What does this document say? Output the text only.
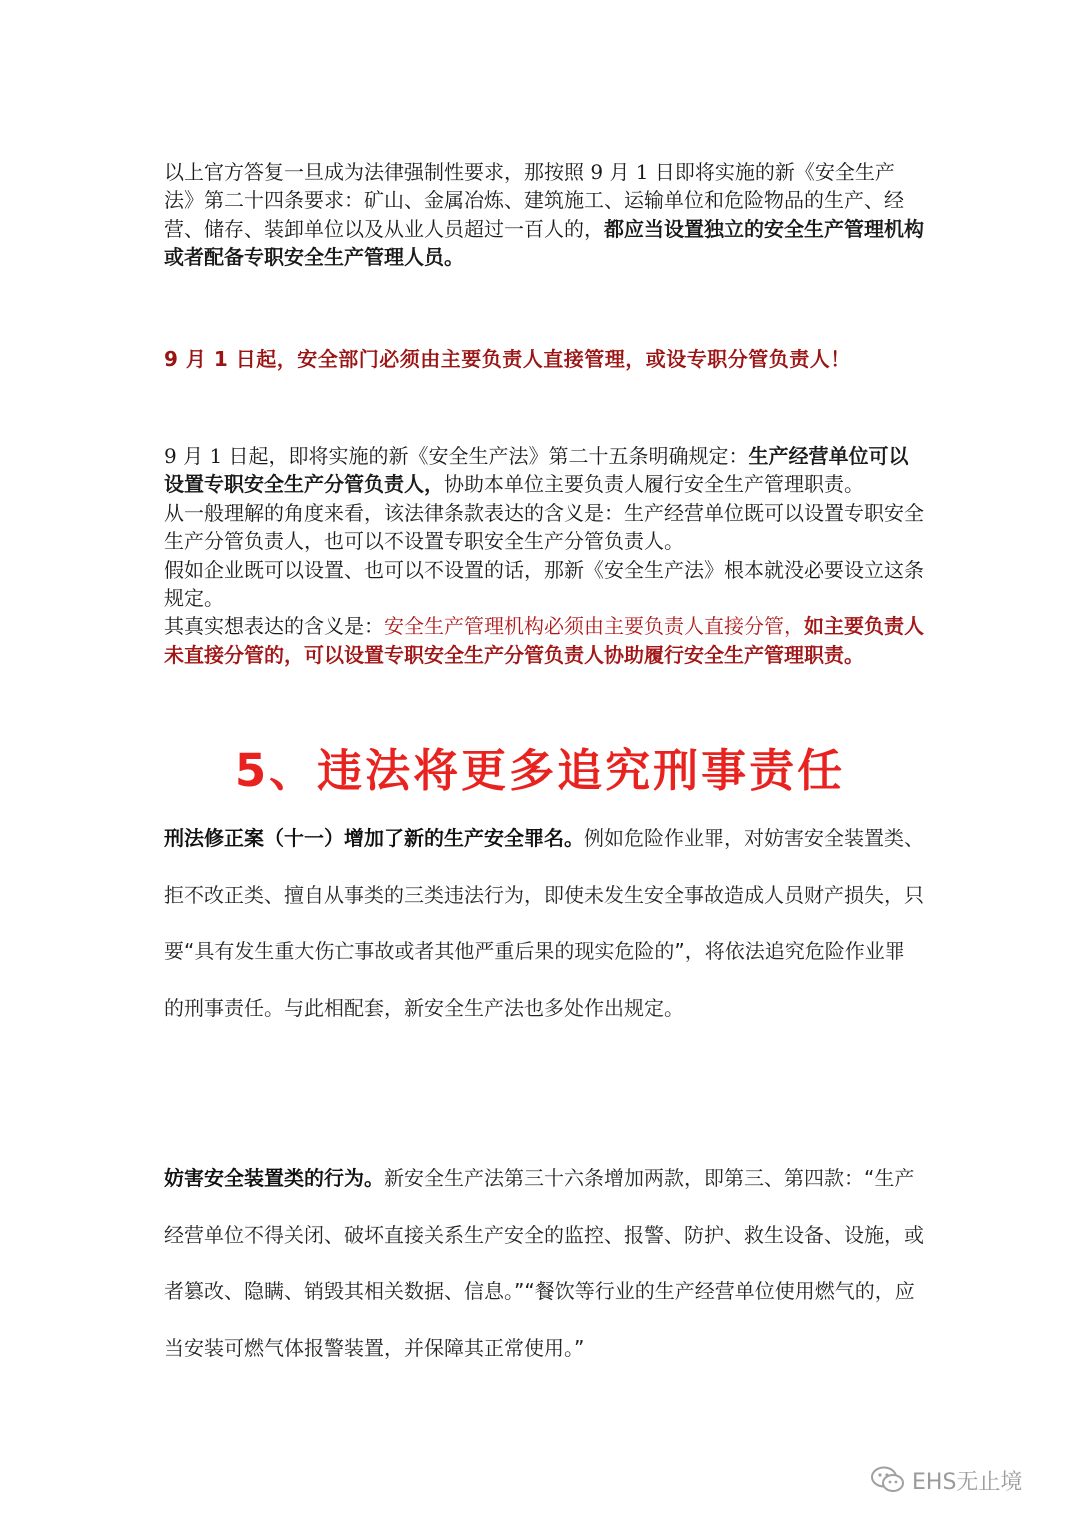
以上官方答复一旦成为法律强制性要求，那按照 9 月 1 日即将实施的新《安全生产法》第二十四条要求：矿山、金属冶炼、建筑施工、运输单位和危险物品的生产、经营、储存、装卸单位以及从业人员超过一百人的，都应当设置独立的安全生产管理机构或者配备专职安全生产管理人员。
9 月 1 日起，安全部门必须由主要负责人直接管理，或设专职分管负责人！
9 月 1 日起，即将实施的新《安全生产法》第二十五条明确规定：生产经营单位可以设置专职安全生产分管负责人，协助本单位主要负责人履行安全生产管理职责。
从一般理解的角度来看，该法律条款表达的含义是：生产经营单位既可以设置专职安全生产分管负责人，也可以不设置专职安全生产分管负责人。
假如企业既可以设置、也可以不设置的话，那新《安全生产法》根本就没必要设立这条规定。
其真实想表达的含义是：安全生产管理机构必须由主要负责人直接分管，如主要负责人未直接分管的，可以设置专职安全生产分管负责人协助履行安全生产管理职责。
5、违法将更多追究刑事责任
刑法修正案（十一）增加了新的生产安全罪名。例如危险作业罪，对妨害安全装置类、拒不改正类、擅自从事类的三类违法行为，即使未发生安全事故造成人员财产损失，只要“具有发生重大伤亡事故或者其他严重后果的现实危险的”，将依法追究危险作业罪的刑事责任。与此相配套，新安全生产法也多处作出规定。
妨害安全装置类的行为。新安全生产法第三十六条增加两款，即第三、第四款：“生产经营单位不得关闭、破坏直接关系生产安全的监控、报警、防护、救生设备、设施，或者篡改、隐瞒、销毁其相关数据、信息。”“餐饮等行业的生产经营单位使用燃气的，应当安装可燃气体报警装置，并保障其正常使用。”
EHS无止境
